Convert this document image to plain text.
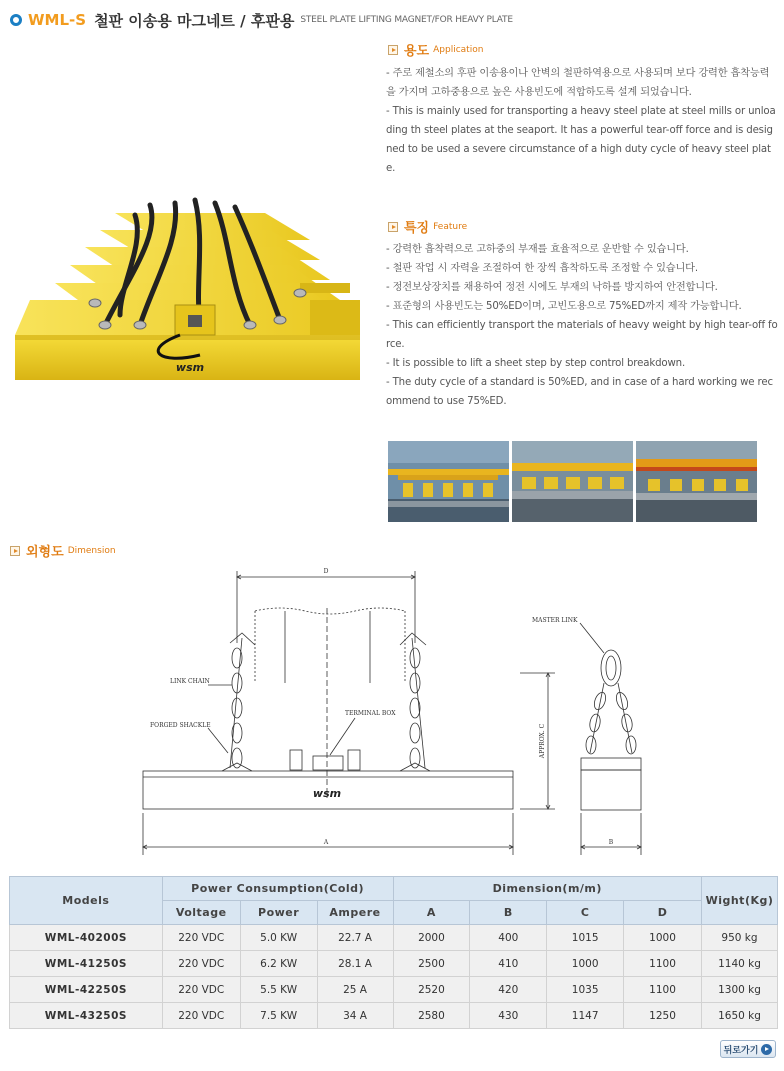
WML-S 철판 이송용 마그네트 / 후판용 STEEL PLATE LIFTING MAGNET/FOR HEAVY PLATE
wsm
용도 Application

- 주로 제철소의 후판 이송용이나 안벽의 철판하역용으로 사용되며 보다 강력한 흡착능력을 가지며 고하중용으로 높은 사용빈도에 적합하도록 설계 되었습니다.

- This is mainly used for transporting a heavy steel plate at steel mills or unloading th steel plates at the seaport. It has a powerful tear-off force and is designed to be used a severe circumstance of a high duty cycle of heavy steel plate.

특징 Feature

- 강력한 흡착력으로 고하중의 부재를 효율적으로 운반할 수 있습니다.

- 철판 작업 시 자력을 조절하여 한 장씩 흡착하도록 조정할 수 있습니다.

- 정전보상장치를 채용하여 정전 시에도 부재의 낙하를 방지하여 안전합니다.

- 표준형의 사용빈도는 50%ED이며, 고빈도용으로 75%ED까지 제작 가능합니다.

- This can efficiently transport the materials of heavy weight by high tear-off force.

- It is possible to lift a sheet step by step control breakdown.

- The duty cycle of a standard is 50%ED, and in case of a hard working we recommend to use 75%ED.

외형도 Dimension
D
A	B
APPROX. C
LINK CHAIN
FORGED SHACKLE
TERMINAL BOX
MASTER LINK
wsm
Models	Power Consumption(Cold)			Dimension(m/m)				Wight(Kg)
	Voltage	Power	Ampere	A	B	C	D	
WML-40200S	220 VDC	5.0 KW	22.7 A	2000	400	1015	1000	950 kg
WML-41250S	220 VDC	6.2 KW	28.1 A	2500	410	1000	1100	1140 kg
WML-42250S	220 VDC	5.5 KW	25 A	2520	420	1035	1100	1300 kg
WML-43250S	220 VDC	7.5 KW	34 A	2580	430	1147	1250	1650 kg
뒤로가기
